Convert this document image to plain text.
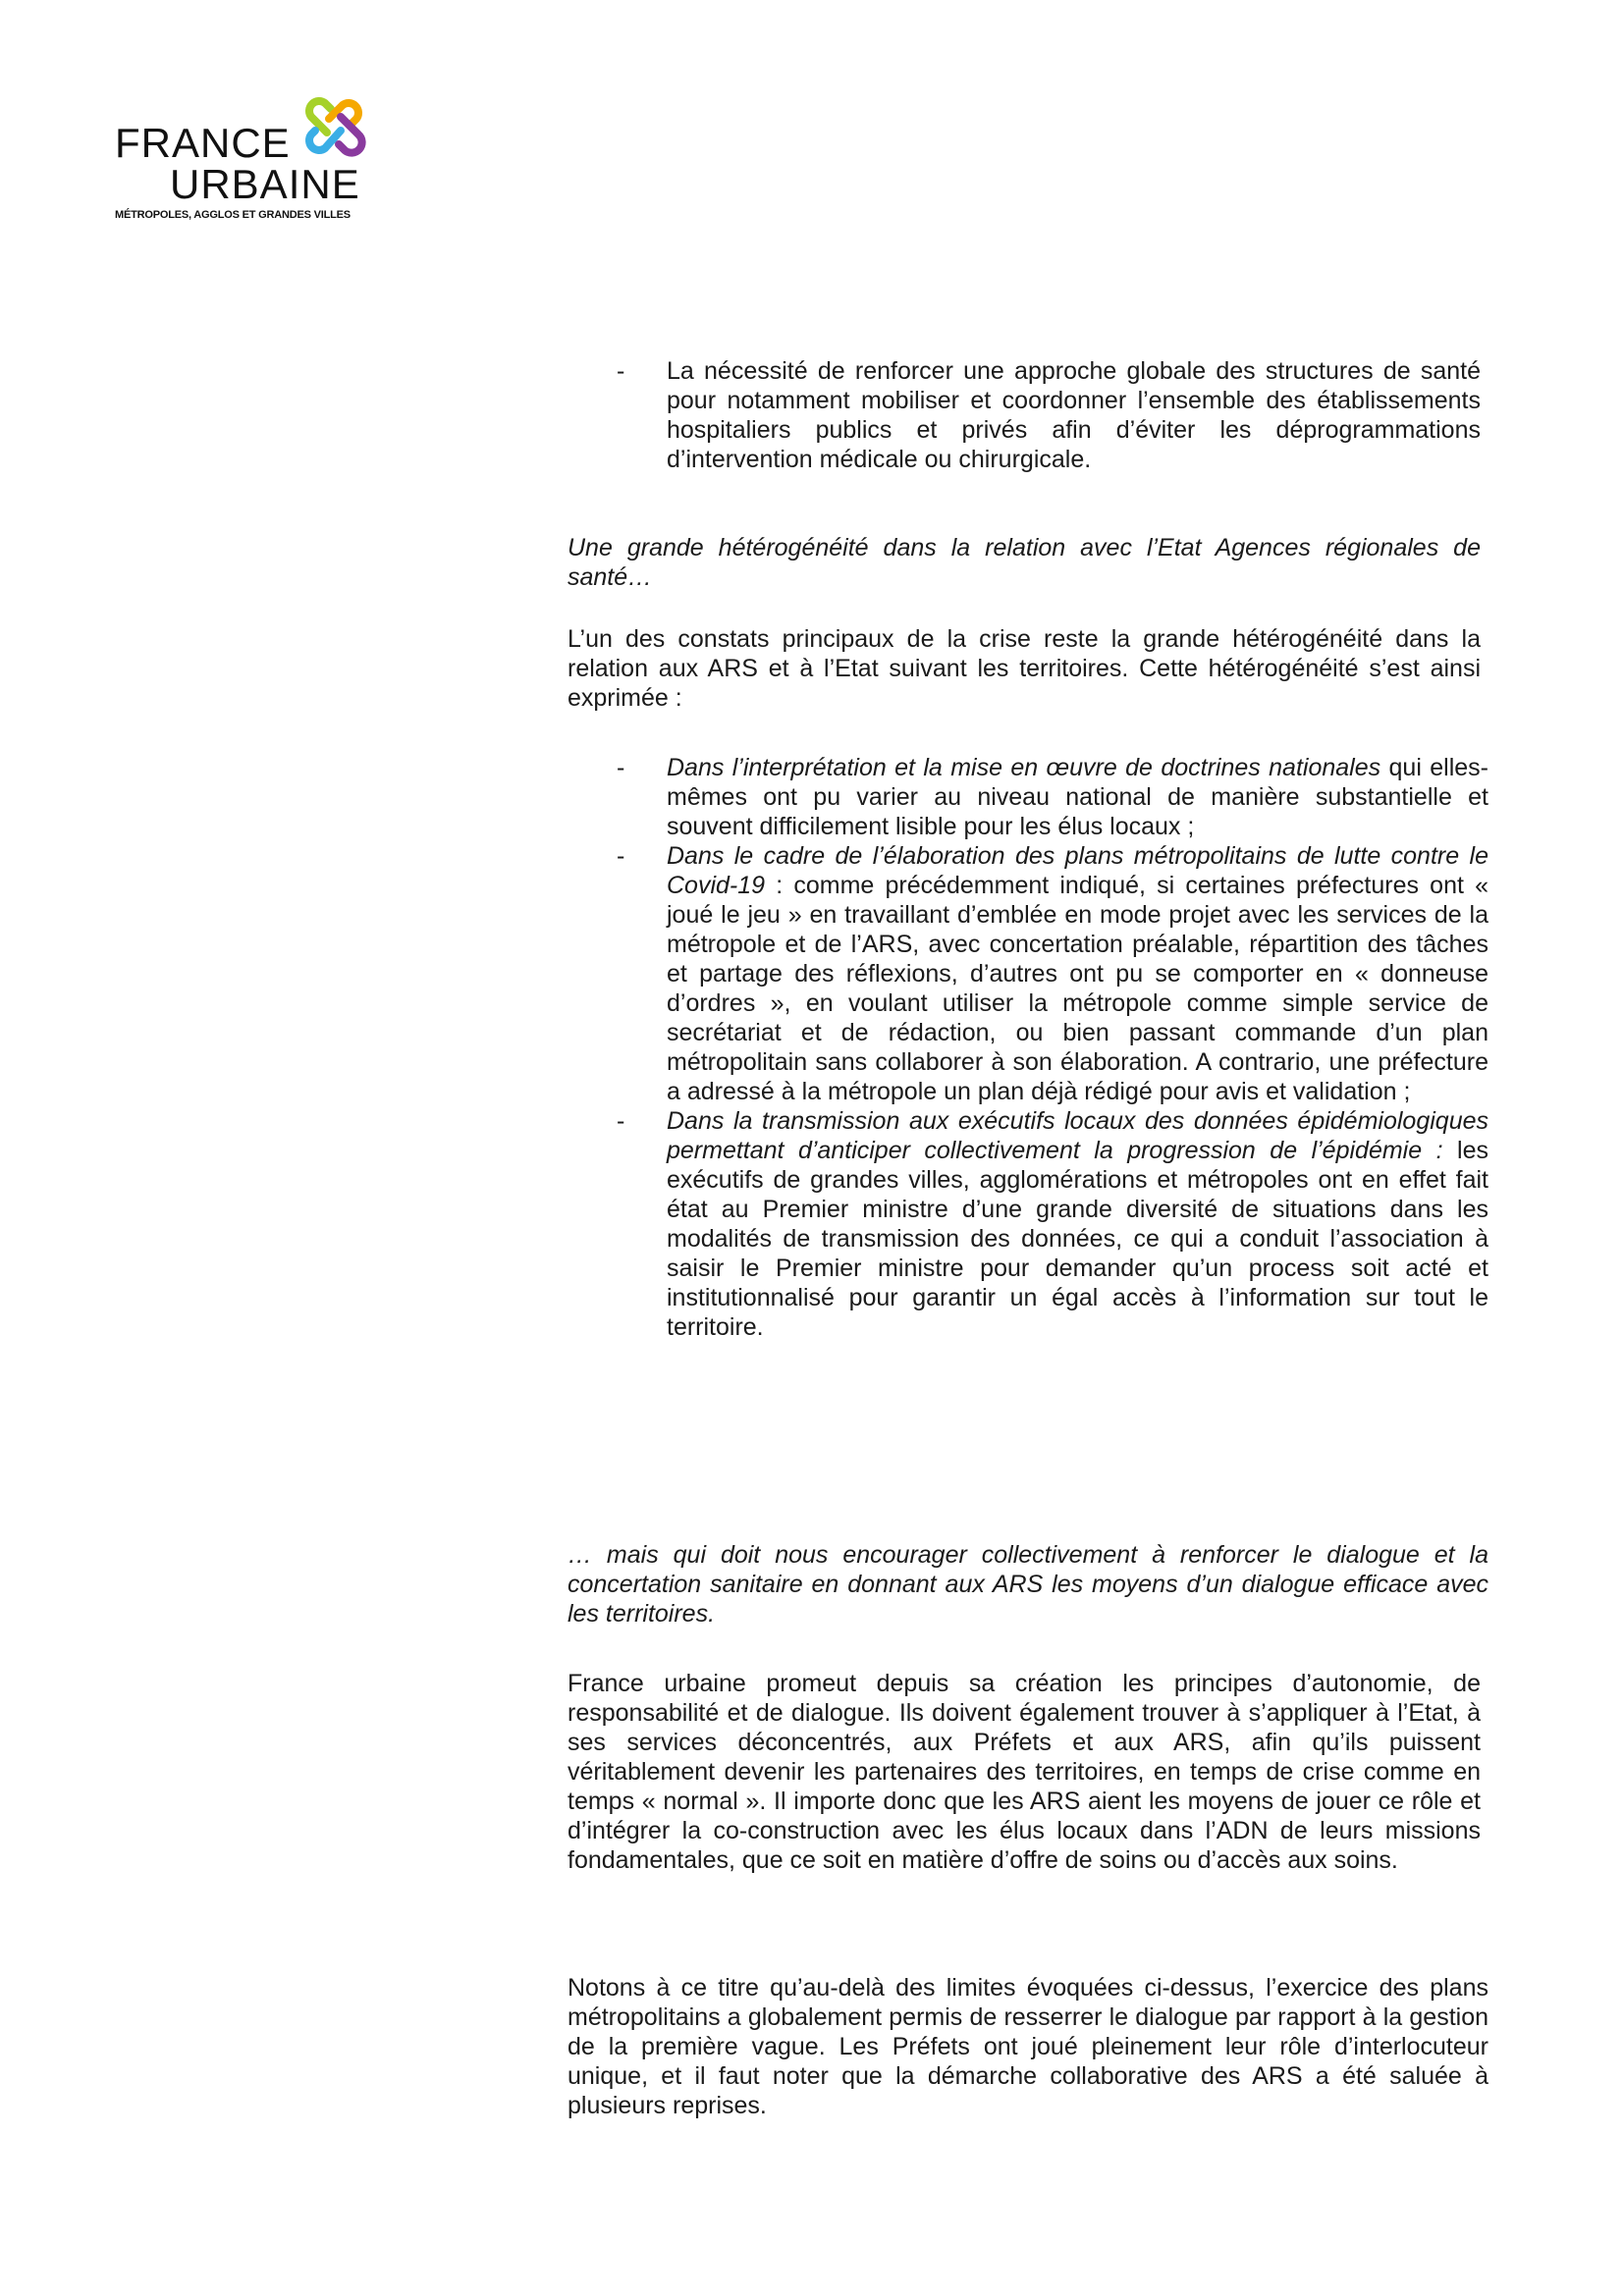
FRANCE
URBAINE
MÉTROPOLES, AGGLOS ET GRANDES VILLES
- La nécessité de renforcer une approche globale des structures de santé pour notamment mobiliser et coordonner l’ensemble des établissements hospitaliers publics et privés afin d’éviter les déprogrammations d’intervention médicale ou chirurgicale.
Une grande hétérogénéité dans la relation avec l’Etat Agences régionales de santé…
L’un des constats principaux de la crise reste la grande hétérogénéité dans la relation aux ARS et à l’Etat suivant les territoires. Cette hétérogénéité s’est ainsi exprimée :
- Dans l’interprétation et la mise en œuvre de doctrines nationales qui elles-mêmes ont pu varier au niveau national de manière substantielle et souvent difficilement lisible pour les élus locaux ;
- Dans le cadre de l’élaboration des plans métropolitains de lutte contre le Covid-19 : comme précédemment indiqué, si certaines préfectures ont « joué le jeu » en travaillant d’emblée en mode projet avec les services de la métropole et de l’ARS, avec concertation préalable, répartition des tâches et partage des réflexions, d’autres ont pu se comporter en « donneuse d’ordres », en voulant utiliser la métropole comme simple service de secrétariat et de rédaction, ou bien passant commande d’un plan métropolitain sans collaborer à son élaboration. A contrario, une préfecture a adressé à la métropole un plan déjà rédigé pour avis et validation ;
- Dans la transmission aux exécutifs locaux des données épidémiologiques permettant d’anticiper collectivement la progression de l’épidémie : les exécutifs de grandes villes, agglomérations et métropoles ont en effet fait état au Premier ministre d’une grande diversité de situations dans les modalités de transmission des données, ce qui a conduit l’association à saisir le Premier ministre pour demander qu’un process soit acté et institutionnalisé pour garantir un égal accès à l’information sur tout le territoire.
… mais qui doit nous encourager collectivement à renforcer le dialogue et la concertation sanitaire en donnant aux ARS les moyens d’un dialogue efficace avec les territoires.
France urbaine promeut depuis sa création les principes d’autonomie, de responsabilité et de dialogue. Ils doivent également trouver à s’appliquer à l’Etat, à ses services déconcentrés, aux Préfets et aux ARS, afin qu’ils puissent véritablement devenir les partenaires des territoires, en temps de crise comme en temps « normal ». Il importe donc que les ARS aient les moyens de jouer ce rôle et d’intégrer la co-construction avec les élus locaux dans l’ADN de leurs missions fondamentales, que ce soit en matière d’offre de soins ou d’accès aux soins.
Notons à ce titre qu’au-delà des limites évoquées ci-dessus, l’exercice des plans métropolitains a globalement permis de resserrer le dialogue par rapport à la gestion de la première vague. Les Préfets ont joué pleinement leur rôle d’interlocuteur unique, et il faut noter que la démarche collaborative des ARS a été saluée à plusieurs reprises.
